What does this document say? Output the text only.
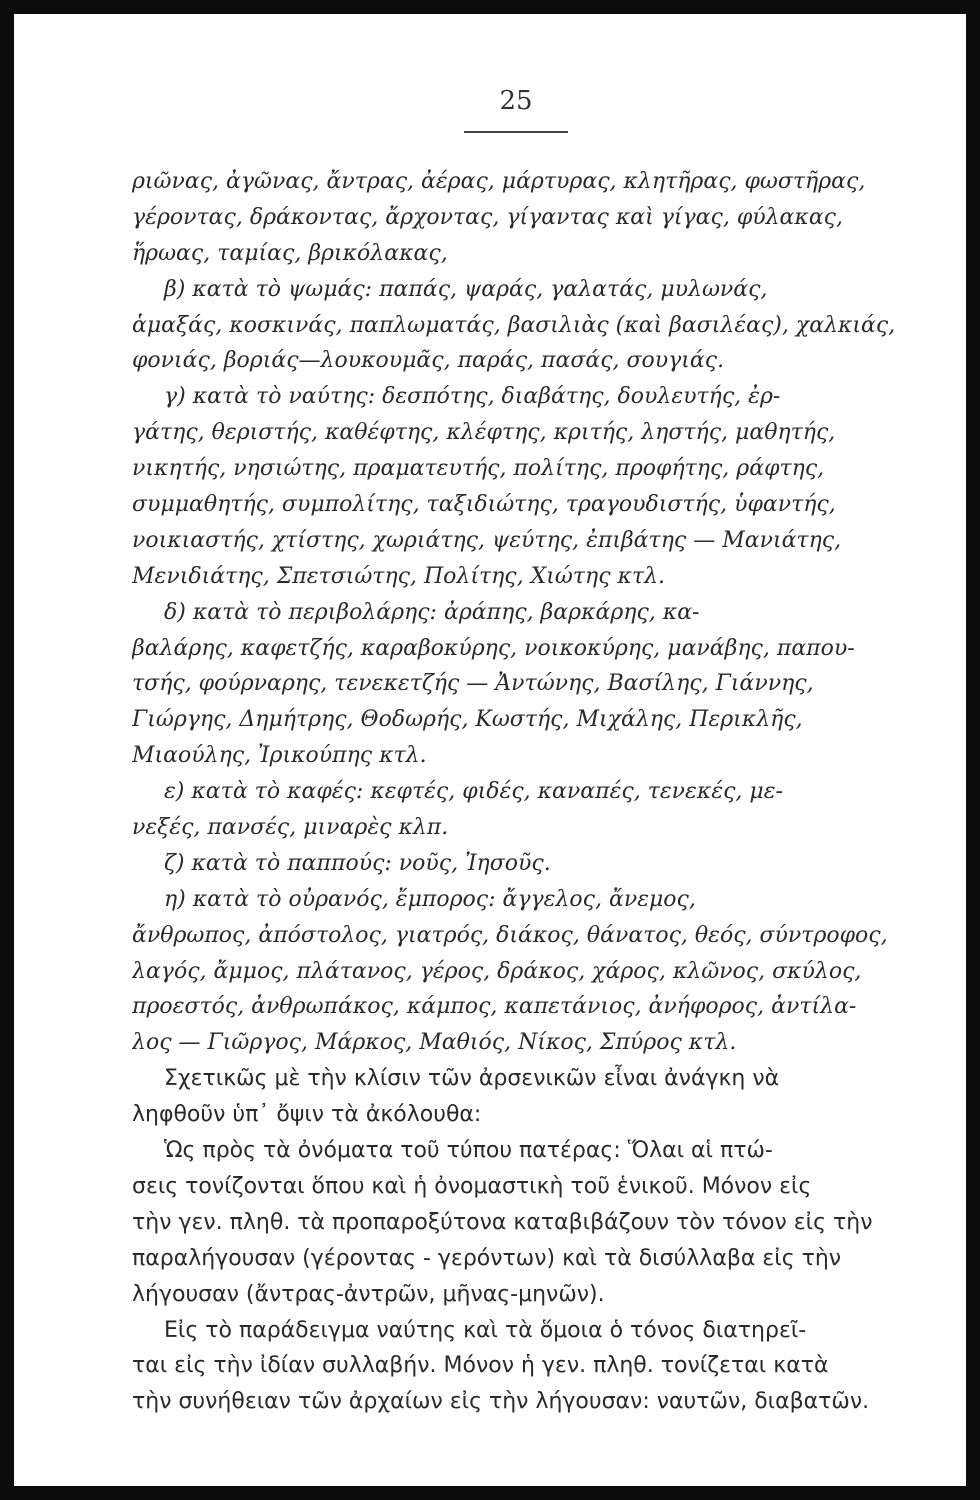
25
ριῶνας, ἀγῶνας, ἄντρας, ἀέρας, μάρτυρας, κλητῆρας, φωστῆρας,
γέροντας, δράκοντας, ἄρχοντας, γίγαντας καὶ γίγας, φύλακας,
ἥρωας, ταμίας, βρικόλακας,
β) κατὰ τὸ ψωμάς: παπάς, ψαράς, γαλατάς, μυλωνάς,
ἁμαξάς, κοσκινάς, παπλωματάς, βασιλιὰς (καὶ βασιλέας), χαλκιάς,
φονιάς, βοριάς—λουκουμᾶς, παράς, πασάς, σουγιάς.
γ) κατὰ τὸ ναύτης: δεσπότης, διαβάτης, δουλευτής, ἐρ-
γάτης, θεριστής, καθέφτης, κλέφτης, κριτής, ληστής, μαθητής,
νικητής, νησιώτης, πραματευτής, πολίτης, προφήτης, ράφτης,
συμμαθητής, συμπολίτης, ταξιδιώτης, τραγουδιστής, ὑφαντής,
νοικιαστής, χτίστης, χωριάτης, ψεύτης, ἐπιβάτης — Μανιάτης,
Μενιδιάτης, Σπετσιώτης, Πολίτης, Χιώτης κτλ.
δ) κατὰ τὸ περιβολάρης: ἀράπης, βαρκάρης, κα-
βαλάρης, καφετζής, καραβοκύρης, νοικοκύρης, μανάβης, παπου-
τσής, φούρναρης, τενεκετζής — Ἀντώνης, Βασίλης, Γιάννης,
Γιώργης, Δημήτρης, Θοδωρής, Κωστής, Μιχάλης, Περικλῆς,
Μιαούλης, Ἰρικούπης κτλ.
ε) κατὰ τὸ καφές: κεφτές, φιδές, καναπές, τενεκές, με-
νεξές, πανσές, μιναρὲς κλπ.
ζ) κατὰ τὸ παππούς: νοῦς, Ἰησοῦς.
η) κατὰ τὸ οὐρανός, ἔμπορος: ἄγγελος, ἄνεμος,
ἄνθρωπος, ἀπόστολος, γιατρός, διάκος, θάνατος, θεός, σύντροφος,
λαγός, ἄμμος, πλάτανος, γέρος, δράκος, χάρος, κλῶνος, σκύλος,
προεστός, ἀνθρωπάκος, κάμπος, καπετάνιος, ἀνήφορος, ἀντίλα-
λος — Γιῶργος, Μάρκος, Μαθιός, Νίκος, Σπύρος κτλ.
Σχετικῶς μὲ τὴν κλίσιν τῶν ἀρσενικῶν εἶναι ἀνάγκη νὰ
ληφθοῦν ὑπ᾿ ὄψιν τὰ ἀκόλουθα:
Ὡς πρὸς τὰ ὀνόματα τοῦ τύπου πατέρας: Ὅλαι αἱ πτώ-
σεις τονίζονται ὅπου καὶ ἡ ὀνομαστικὴ τοῦ ἑνικοῦ. Μόνον εἰς
τὴν γεν. πληθ. τὰ προπαροξύτονα καταβιβάζουν τὸν τόνον εἰς τὴν
παραλήγουσαν (γέροντας - γερόντων) καὶ τὰ δισύλλαβα εἰς τὴν
λήγουσαν (ἄντρας-ἀντρῶν, μῆνας-μηνῶν).
Εἰς τὸ παράδειγμα ναύτης καὶ τὰ ὅμοια ὁ τόνος διατηρεῖ-
ται εἰς τὴν ἰδίαν συλλαβήν. Μόνον ἡ γεν. πληθ. τονίζεται κατὰ
τὴν συνήθειαν τῶν ἀρχαίων εἰς τὴν λήγουσαν: ναυτῶν, διαβατῶν.
